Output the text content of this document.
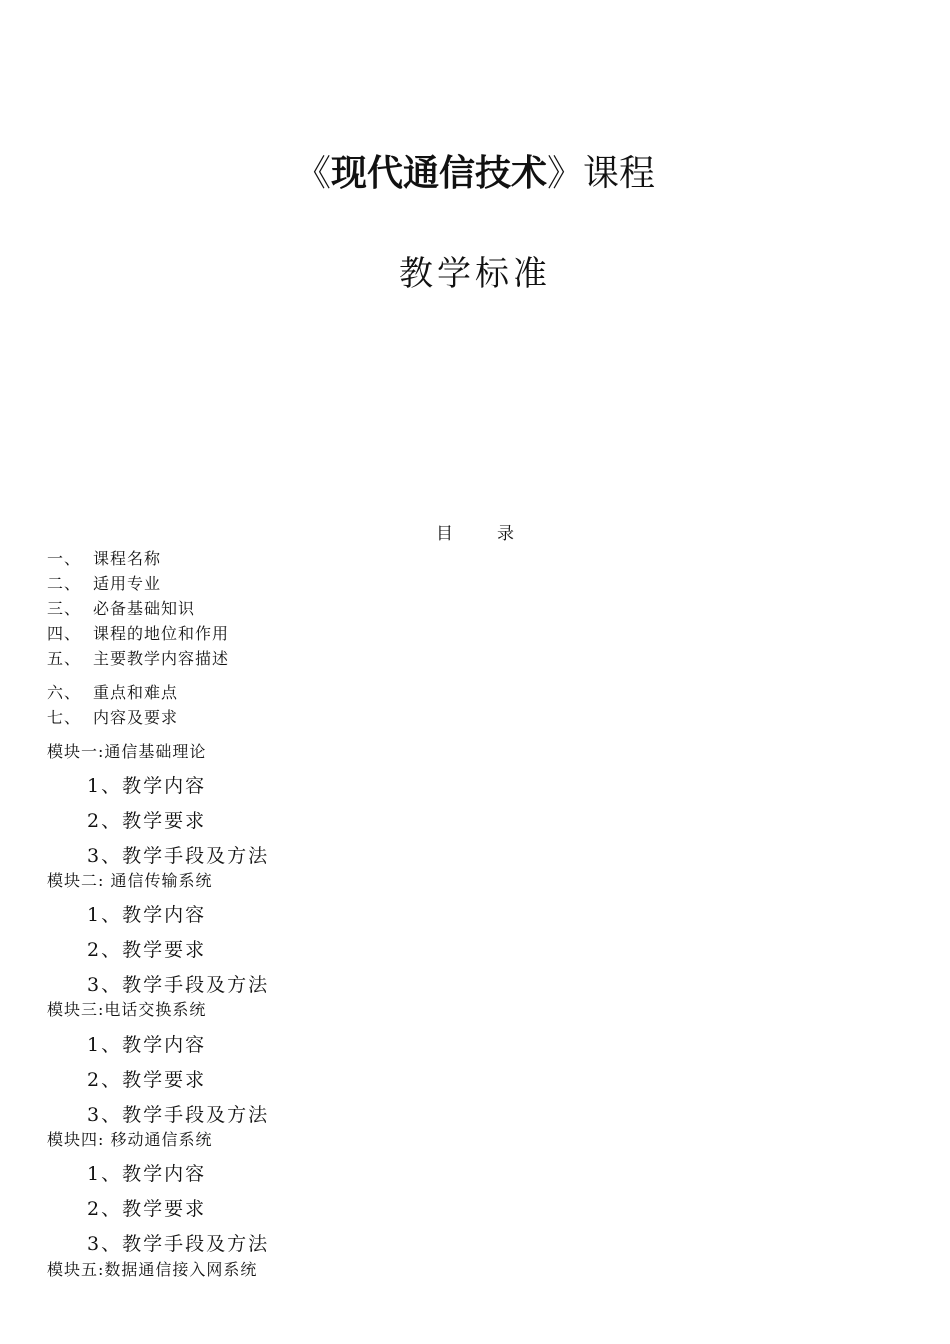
《现代通信技术》课程
教学标准
目	录
一、 课程名称
二、 适用专业
三、 必备基础知识
四、 课程的地位和作用
五、 主要教学内容描述
六、 重点和难点
七、 内容及要求
模块一:通信基础理论
1、教学内容
2、教学要求
3、教学手段及方法
模块二: 通信传输系统
1、教学内容
2、教学要求
3、教学手段及方法
模块三:电话交换系统
1、教学内容
2、教学要求
3、教学手段及方法
模块四: 移动通信系统
1、教学内容
2、教学要求
3、教学手段及方法
模块五:数据通信接入网系统
